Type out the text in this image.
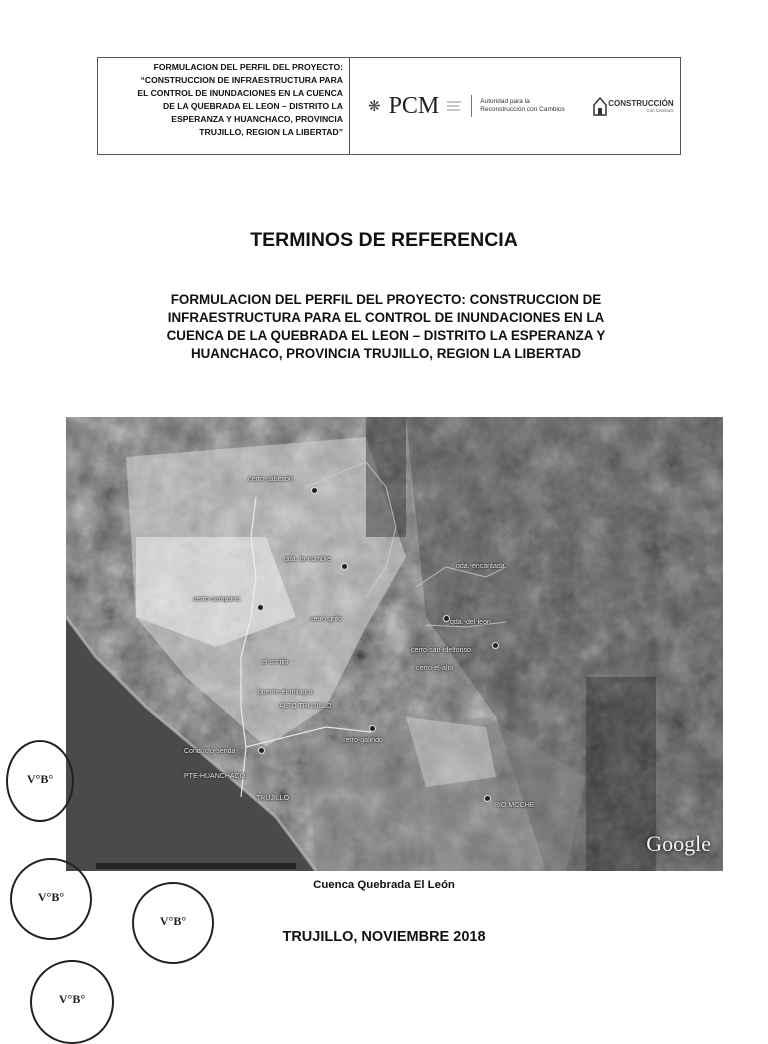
FORMULACION DEL PERFIL DEL PROYECTO:
“CONSTRUCCION DE INFRAESTRUCTURA PARA
EL CONTROL DE INUNDACIONES EN LA CUENCA
DE LA QUEBRADA EL LEON – DISTRITO LA
ESPERANZA Y HUANCHACO, PROVINCIA
TRUJILLO, REGION LA LIBERTAD”
❋ PCM	Autoridad para la Reconstrucción con Cambios
CONSTRUCCIÓN
Con Cambios
TERMINOS DE REFERENCIA
FORMULACION DEL PERFIL DEL PROYECTO: CONSTRUCCION DE
INFRAESTRUCTURA PARA EL CONTROL DE INUNDACIONES EN LA
CUENCA DE LA QUEBRADA EL LEON – DISTRITO LA ESPERANZA Y
HUANCHACO, PROVINCIA TRUJILLO, REGION LA LIBERTAD
cerro-cabezón
qda.-la-cumbre
qda.-encantada
cerro-campana
cerro-grifo	qda.-del-leon
cerro-san-idelfonso
el-cortijo
cerro-el-alto
puente-el-milagro
ALTO TRUJILLO
Conducto-senda
cerro-galindo
PTE-HUANCHACO
TRUJILLO
RIO MOCHE
Google
Cuenca Quebrada El León
TRUJILLO, NOVIEMBRE 2018
V°B°
V°B°
V°B°
V°B°
